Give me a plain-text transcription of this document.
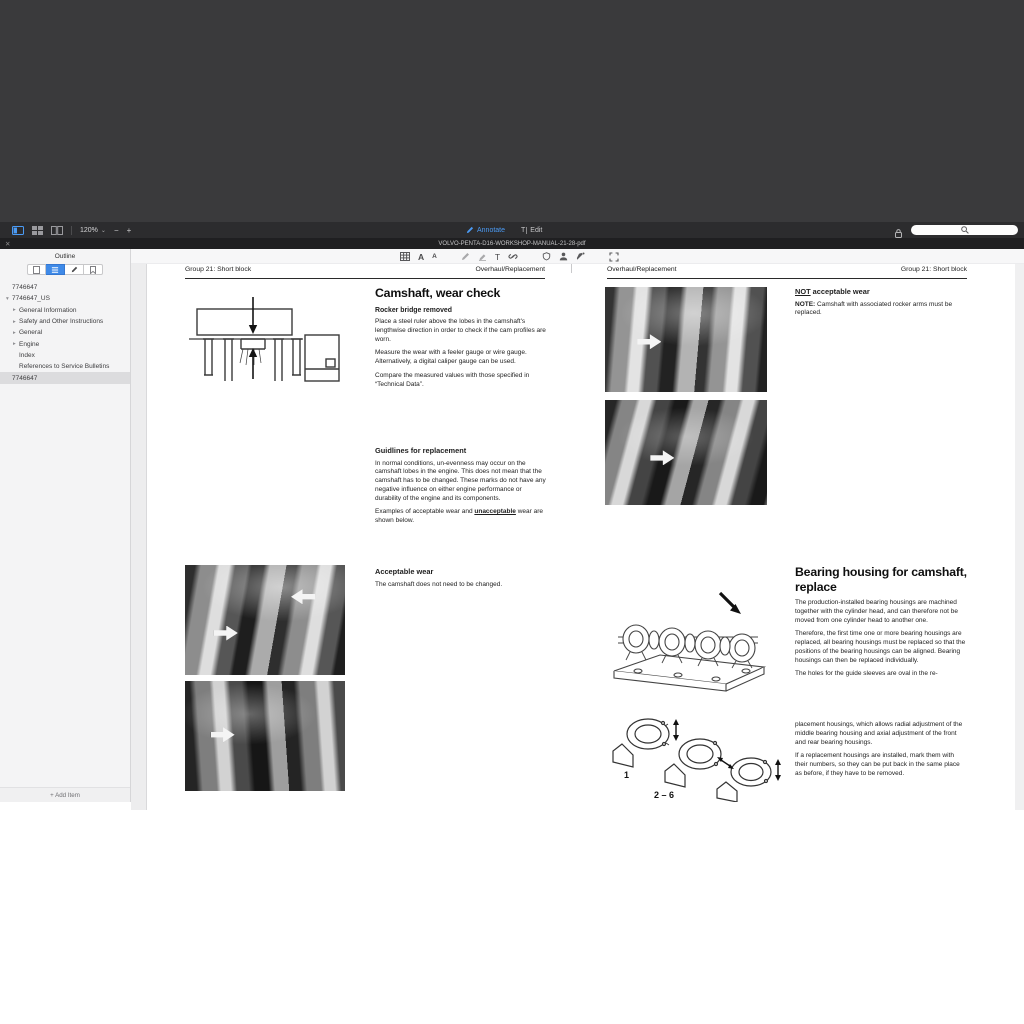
120% ⌄ − +	Annotate T Edit
✕	VOLVO-PENTA-D16-WORKSHOP-MANUAL-21-28-pdf
Outline
7746647
▾ 7746647_US
▸ General Information
▸ Safety and Other Instructions
▸ General
▸ Engine
Index
References to Service Bulletins
7746647
+ Add Item
A A	T
Group 21: Short block	Overhaul/Replacement
Camshaft, wear check
Rocker bridge removed
Place a steel ruler above the lobes in the camshaft's lengthwise direction in order to check if the cam profiles are worn.
Measure the wear with a feeler gauge or wire gauge. Alternatively, a digital caliper gauge can be used.
Compare the measured values with those specified in “Technical Data”.
Guidlines for replacement
In normal conditions, un-evenness may occur on the camshaft lobes in the engine. This does not mean that the camshaft has to be changed. These marks do not have any negative influence on either engine performance or durability of the engine and its components.
Examples of acceptable wear and unacceptable wear are shown below.
Acceptable wear
The camshaft does not need to be changed.
Overhaul/Replacement	Group 21: Short block
NOT acceptable wear
NOTE: Camshaft with associated rocker arms must be replaced.
Bearing housing for camshaft, replace
The production-installed bearing housings are machined together with the cylinder head, and can therefore not be moved from one cylinder head to another one.
Therefore, the first time one or more bearing housings are replaced, all bearing housings must be replaced so that the positions of the bearing housings can be aligned. Bearing housings can then be replaced individually.
The holes for the guide sleeves are oval in the re-
placement housings, which allows radial adjustment of the middle bearing housing and axial adjustment of the front and rear bearing housings.
If a replacement housings are installed, mark them with their numbers, so they can be put back in the same place as before, if they have to be removed.
1
2 – 6
